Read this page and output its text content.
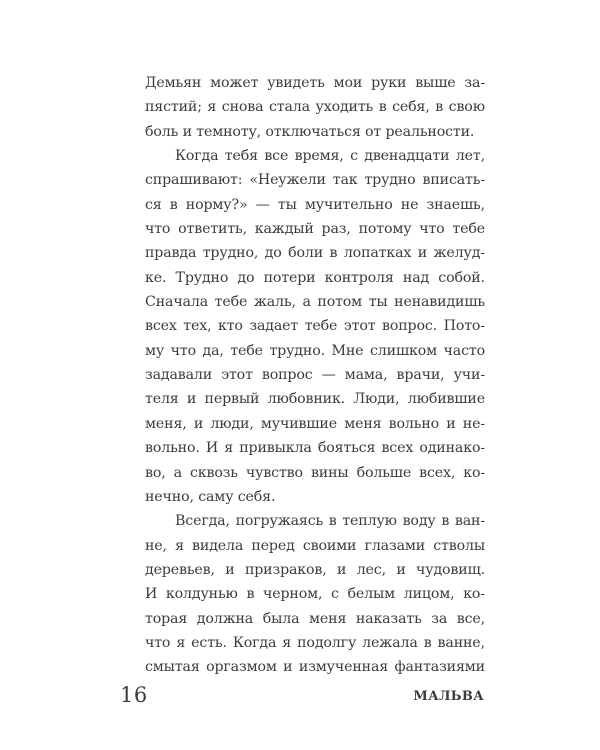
Демьян может увидеть мои руки выше за-
пястий; я снова стала уходить в себя, в свою
боль и темноту, отключаться от реальности.
Когда тебя все время, с двенадцати лет,
спрашивают: «Неужели так трудно вписать-
ся в норму?» — ты мучительно не знаешь,
что ответить, каждый раз, потому что тебе
правда трудно, до боли в лопатках и желуд-
ке. Трудно до потери контроля над собой.
Сначала тебе жаль, а потом ты ненавидишь
всех тех, кто задает тебе этот вопрос. Пото-
му что да, тебе трудно. Мне слишком часто
задавали этот вопрос — мама, врачи, учи-
теля и первый любовник. Люди, любившие
меня, и люди, мучившие меня вольно и не-
вольно. И я привыкла бояться всех одинако-
во, а сквозь чувство вины больше всех, ко-
нечно, саму себя.
Всегда, погружаясь в теплую воду в ван-
не, я видела перед своими глазами стволы
деревьев, и призраков, и лес, и чудовищ.
И колдунью в черном, с белым лицом, ко-
торая должна была меня наказать за все,
что я есть. Когда я подолгу лежала в ванне,
смытая оргазмом и измученная фантазиями
16	МАЛЬВА
